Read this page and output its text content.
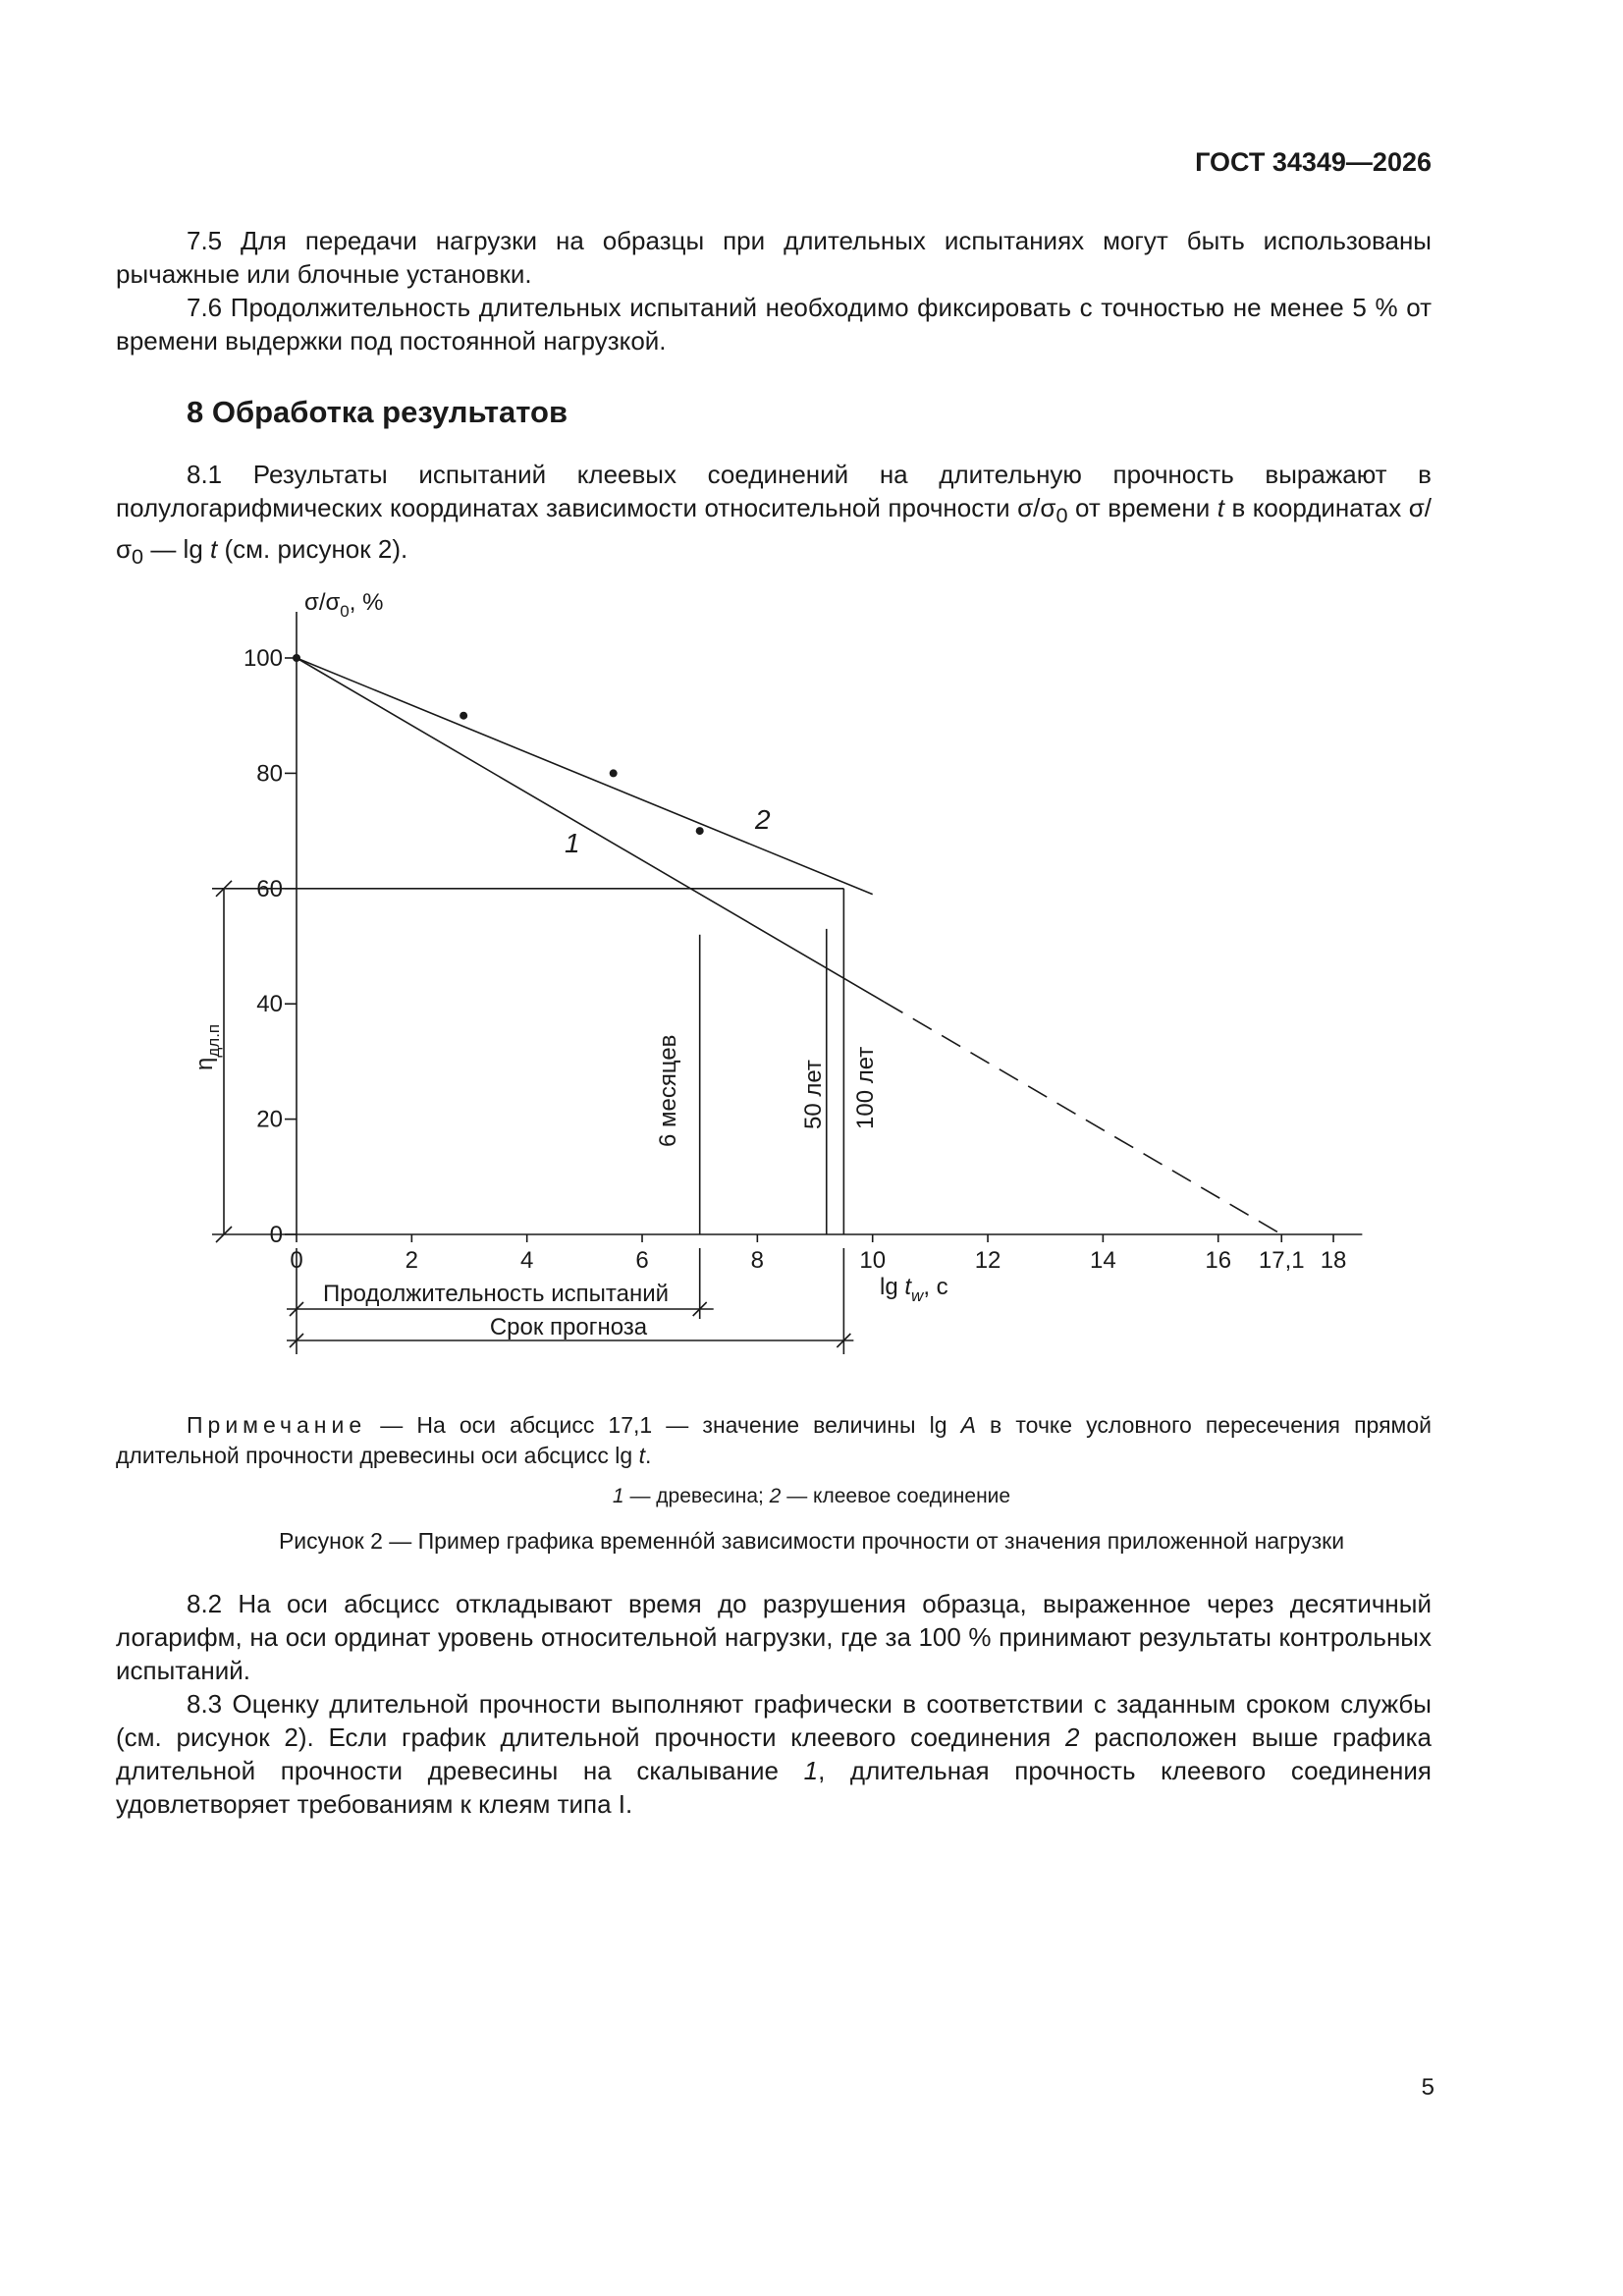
ГОСТ 34349—2026

7.5 Для передачи нагрузки на образцы при длительных испытаниях могут быть использованы рычажные или блочные установки.

7.6 Продолжительность длительных испытаний необходимо фиксировать с точностью не менее 5 % от времени выдержки под постоянной нагрузкой.

8 Обработка результатов

8.1 Результаты испытаний клеевых соединений на длительную прочность выражают в полулогарифмических координатах зависимости относительной прочности $\sigma/\sigma_0$ от времени t в координатах $\sigma/\sigma_0$ — lg t (см. рисунок 2).

0
20
40
60
80
100
0	2	4	6	8	10	12	14	16 17,1 18
$\sigma/\sigma_0$, %
$\lg t_w$, с
$\eta_{дл.п}$
1
2
6 месяцев	50 лет 100 лет
Продолжительность испытаний
Срок прогноза
Примечание — На оси абсцисс 17,1 — значение величины lg A в точке условного пересечения прямой длительной прочности древесины оси абсцисс lg t.
1 — древесина; 2 — клеевое соединение
Рисунок 2 — Пример графика временнóй зависимости прочности от значения приложенной нагрузки

8.2 На оси абсцисс откладывают время до разрушения образца, выраженное через десятичный логарифм, на оси ординат уровень относительной нагрузки, где за 100 % принимают результаты контрольных испытаний.

8.3 Оценку длительной прочности выполняют графически в соответствии с заданным сроком службы (см. рисунок 2). Если график длительной прочности клеевого соединения 2 расположен выше графика длительной прочности древесины на скалывание 1, длительная прочность клеевого соединения удовлетворяет требованиям к клеям типа I.

5
